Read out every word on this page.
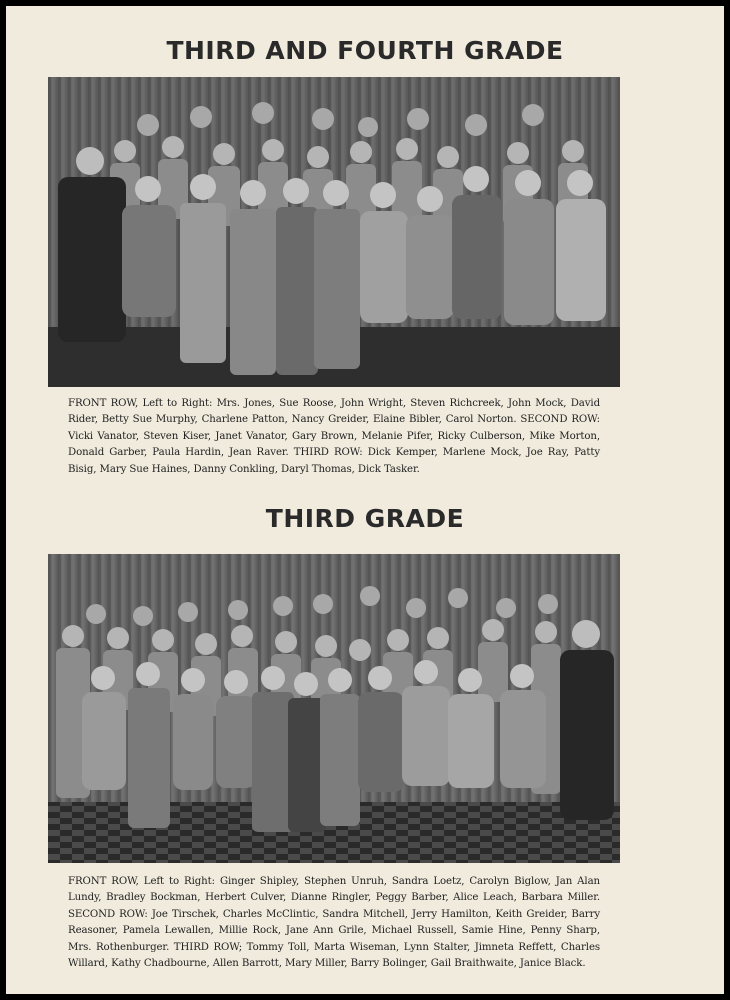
THIRD AND FOURTH GRADE
FRONT ROW, Left to Right: Mrs. Jones, Sue Roose, John Wright, Steven Richcreek, John Mock, David Rider, Betty Sue Murphy, Charlene Patton, Nancy Greider, Elaine Bibler, Carol Norton. SECOND ROW: Vicki Vanator, Steven Kiser, Janet Vanator, Gary Brown, Melanie Pifer, Ricky Culberson, Mike Morton, Donald Garber, Paula Hardin, Jean Raver. THIRD ROW: Dick Kemper, Marlene Mock, Joe Ray, Patty Bisig, Mary Sue Haines, Danny Conkling, Daryl Thomas, Dick Tasker.
THIRD GRADE
FRONT ROW, Left to Right: Ginger Shipley, Stephen Unruh, Sandra Loetz, Carolyn Biglow, Jan Alan Lundy, Bradley Bockman, Herbert Culver, Dianne Ringler, Peggy Barber, Alice Leach, Barbara Miller. SECOND ROW: Joe Tirschek, Charles McClintic, Sandra Mitchell, Jerry Hamilton, Keith Greider, Barry Reasoner, Pamela Lewallen, Millie Rock, Jane Ann Grile, Michael Russell, Samie Hine, Penny Sharp, Mrs. Rothenburger. THIRD ROW; Tommy Toll, Marta Wiseman, Lynn Stalter, Jimneta Reffett, Charles Willard, Kathy Chadbourne, Allen Barrott, Mary Miller, Barry Bolinger, Gail Braithwaite, Janice Black.
